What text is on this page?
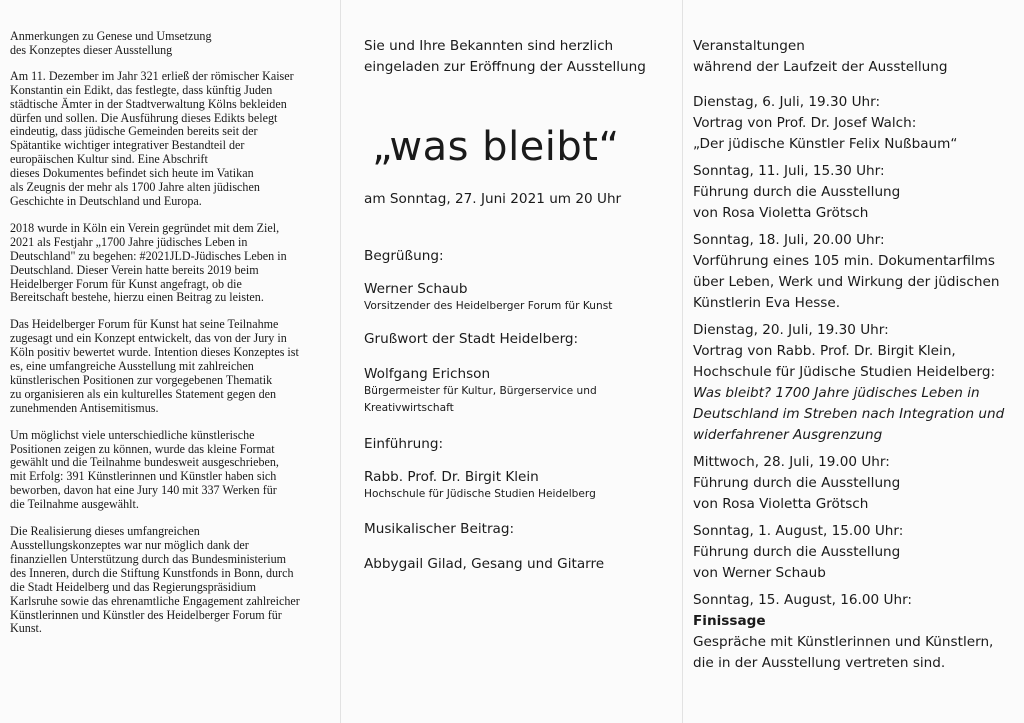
Anmerkungen zu Genese und Umsetzung
des Konzeptes dieser Ausstellung

Am 11. Dezember im Jahr 321 erließ der römischer Kaiser
Konstantin ein Edikt, das festlegte, dass künftig Juden
städtische Ämter in der Stadtverwaltung Kölns bekleiden
dürfen und sollen. Die Ausführung dieses Edikts belegt
eindeutig, dass jüdische Gemeinden bereits seit der
Spätantike wichtiger integrativer Bestandteil der
europäischen Kultur sind. Eine Abschrift
dieses Dokumentes befindet sich heute im Vatikan
als Zeugnis der mehr als 1700 Jahre alten jüdischen
Geschichte in Deutschland und Europa.

2018 wurde in Köln ein Verein gegründet mit dem Ziel,
2021 als Festjahr „1700 Jahre jüdisches Leben in
Deutschland" zu begehen: #2021JLD-Jüdisches Leben in
Deutschland. Dieser Verein hatte bereits 2019 beim
Heidelberger Forum für Kunst angefragt, ob die
Bereitschaft bestehe, hierzu einen Beitrag zu leisten.

Das Heidelberger Forum für Kunst hat seine Teilnahme
zugesagt und ein Konzept entwickelt, das von der Jury in
Köln positiv bewertet wurde. Intention dieses Konzeptes ist
es, eine umfangreiche Ausstellung mit zahlreichen
künstlerischen Positionen zur vorgegebenen Thematik
zu organisieren als ein kulturelles Statement gegen den
zunehmenden Antisemitismus.

Um möglichst viele unterschiedliche künstlerische
Positionen zeigen zu können, wurde das kleine Format
gewählt und die Teilnahme bundesweit ausgeschrieben,
mit Erfolg: 391 Künstlerinnen und Künstler haben sich
beworben, davon hat eine Jury 140 mit 337 Werken für
die Teilnahme ausgewählt.

Die Realisierung dieses umfangreichen
Ausstellungskonzeptes war nur möglich dank der
finanziellen Unterstützung durch das Bundesministerium
des Inneren, durch die Stiftung Kunstfonds in Bonn, durch
die Stadt Heidelberg und das Regierungspräsidium
Karlsruhe sowie das ehrenamtliche Engagement zahlreicher
Künstlerinnen und Künstler des Heidelberger Forum für
Kunst.

Sie und Ihre Bekannten sind herzlich
eingeladen zur Eröffnung der Ausstellung

„was bleibt“

am Sonntag, 27. Juni 2021 um 20 Uhr

Begrüßung:

Werner Schaub

Vorsitzender des Heidelberger Forum für Kunst

Grußwort der Stadt Heidelberg:

Wolfgang Erichson

Bürgermeister für Kultur, Bürgerservice und
Kreativwirtschaft

Einführung:

Rabb. Prof. Dr. Birgit Klein

Hochschule für Jüdische Studien Heidelberg

Musikalischer Beitrag:

Abbygail Gilad, Gesang und Gitarre

Veranstaltungen
während der Laufzeit der Ausstellung

Dienstag, 6. Juli, 19.30 Uhr:
Vortrag von Prof. Dr. Josef Walch:
„Der jüdische Künstler Felix Nußbaum“
Sonntag, 11. Juli, 15.30 Uhr:
Führung durch die Ausstellung
von Rosa Violetta Grötsch
Sonntag, 18. Juli, 20.00 Uhr:
Vorführung eines 105 min. Dokumentarfilms
über Leben, Werk und Wirkung der jüdischen
Künstlerin Eva Hesse.
Dienstag, 20. Juli, 19.30 Uhr:
Vortrag von Rabb. Prof. Dr. Birgit Klein,
Hochschule für Jüdische Studien Heidelberg:
Was bleibt? 1700 Jahre jüdisches Leben in
Deutschland im Streben nach Integration und
widerfahrener Ausgrenzung
Mittwoch, 28. Juli, 19.00 Uhr:
Führung durch die Ausstellung
von Rosa Violetta Grötsch
Sonntag, 1. August, 15.00 Uhr:
Führung durch die Ausstellung
von Werner Schaub
Sonntag, 15. August, 16.00 Uhr:
Finissage
Gespräche mit Künstlerinnen und Künstlern,
die in der Ausstellung vertreten sind.
